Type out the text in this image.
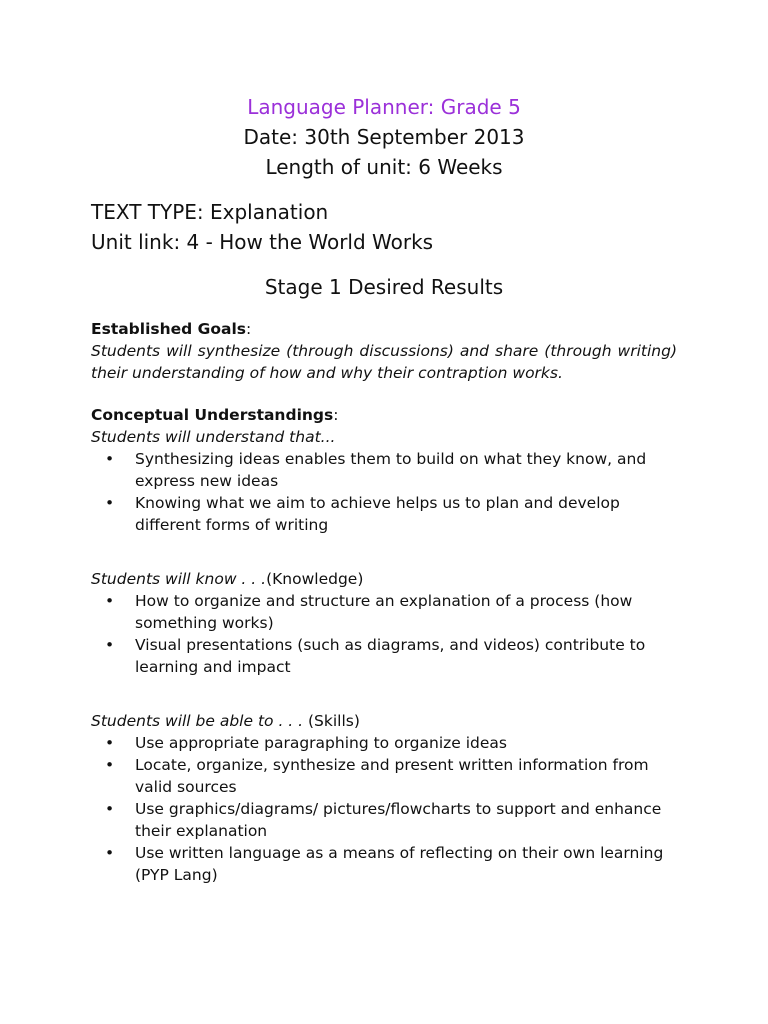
Language Planner: Grade 5
Date: 30th September 2013
Length of unit: 6 Weeks
TEXT TYPE: Explanation
Unit link: 4 - How the World Works
Stage 1 Desired Results
Established Goals:
Students will synthesize (through discussions) and share (through writing) their understanding of how and why their contraption works.
Conceptual Understandings:
Students will understand that...
• Synthesizing ideas enables them to build on what they know, and express new ideas
• Knowing what we aim to achieve helps us to plan and develop different forms of writing
Students will know . . .(Knowledge)
• How to organize and structure an explanation of a process (how something works)
• Visual presentations (such as diagrams, and videos) contribute to learning and impact
Students will be able to . . . (Skills)
• Use appropriate paragraphing to organize ideas
• Locate, organize, synthesize and present written information from valid sources
• Use graphics/diagrams/ pictures/flowcharts to support and enhance their explanation
• Use written language as a means of reflecting on their own learning (PYP Lang)
